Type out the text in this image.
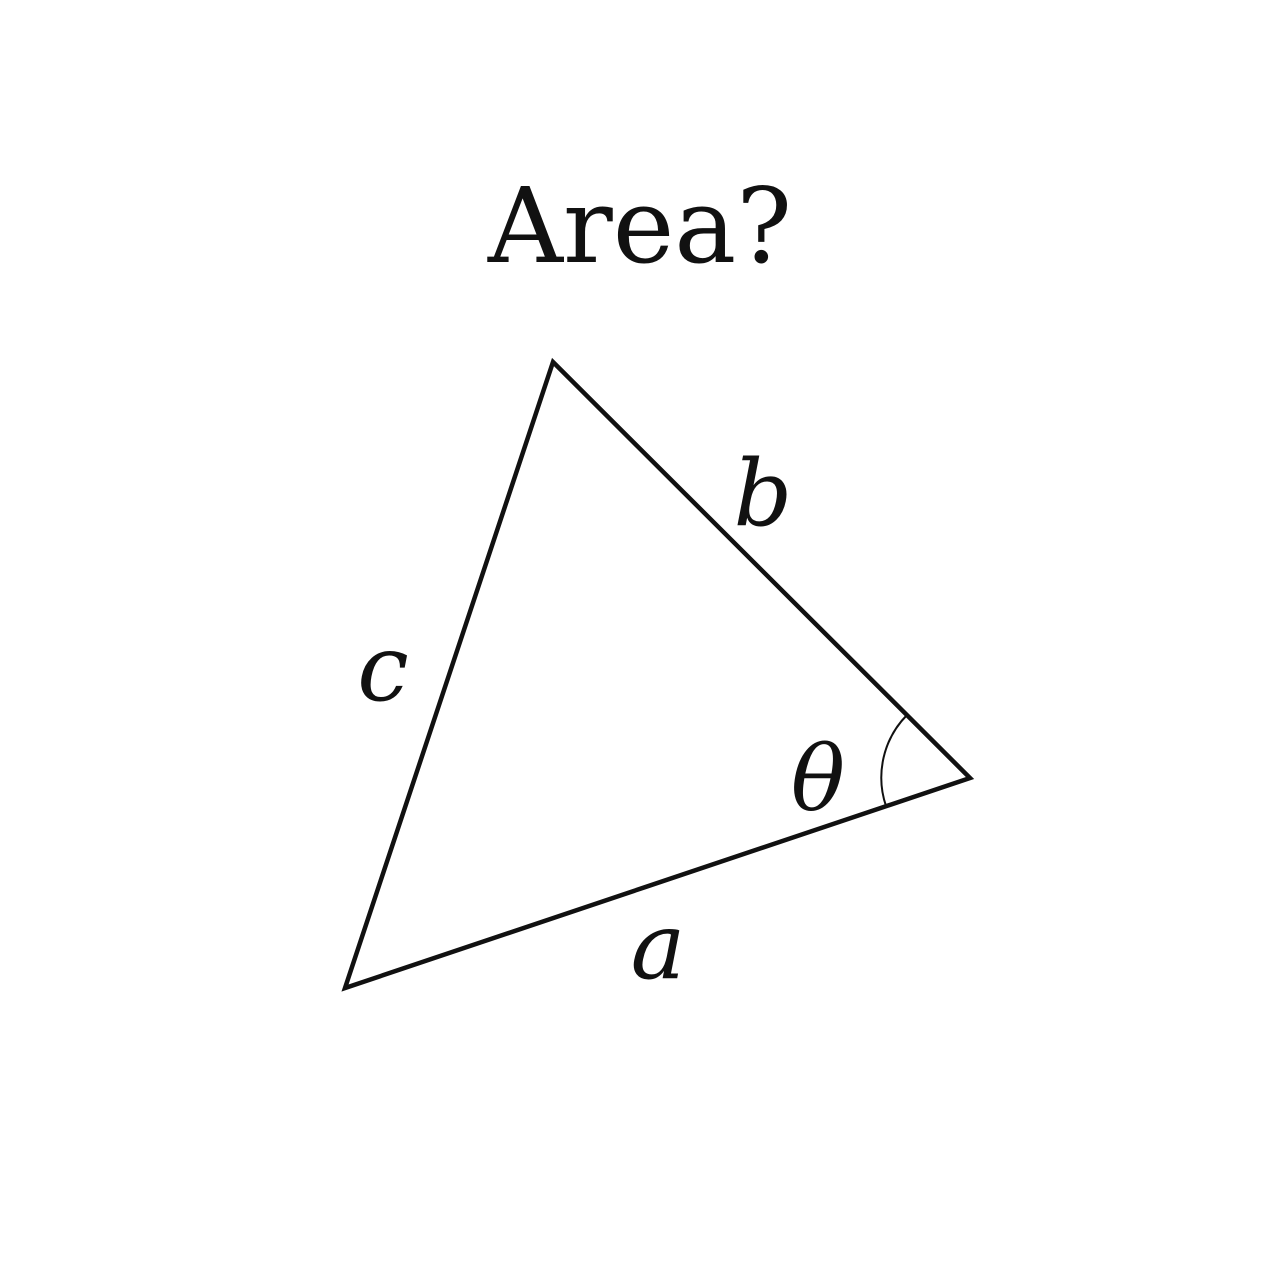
Area?
b
c
a
θ
